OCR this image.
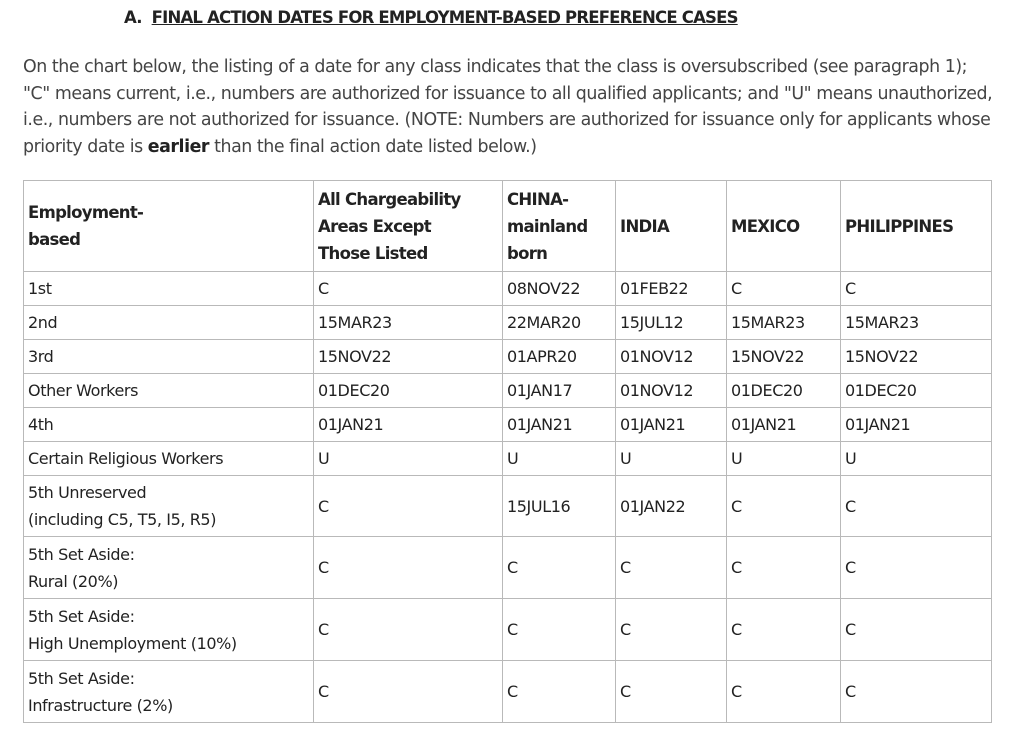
A. FINAL ACTION DATES FOR EMPLOYMENT-BASED PREFERENCE CASES
On the chart below, the listing of a date for any class indicates that the class is oversubscribed (see paragraph 1); "C" means current, i.e., numbers are authorized for issuance to all qualified applicants; and "U" means unauthorized, i.e., numbers are not authorized for issuance. (NOTE: Numbers are authorized for issuance only for applicants whose priority date is earlier than the final action date listed below.)
Employment-
based	All Chargeability
Areas Except
Those Listed	CHINA-
mainland
born	INDIA	MEXICO	PHILIPPINES
1st	C	08NOV22	01FEB22	C	C
2nd	15MAR23	22MAR20	15JUL12	15MAR23	15MAR23
3rd	15NOV22	01APR20	01NOV12	15NOV22	15NOV22
Other Workers	01DEC20	01JAN17	01NOV12	01DEC20	01DEC20
4th	01JAN21	01JAN21	01JAN21	01JAN21	01JAN21
Certain Religious Workers	U	U	U	U	U
5th Unreserved
(including C5, T5, I5, R5)	C	15JUL16	01JAN22	C	C
5th Set Aside:
Rural (20%)	C	C	C	C	C
5th Set Aside:
High Unemployment (10%)	C	C	C	C	C
5th Set Aside:
Infrastructure (2%)	C	C	C	C	C
